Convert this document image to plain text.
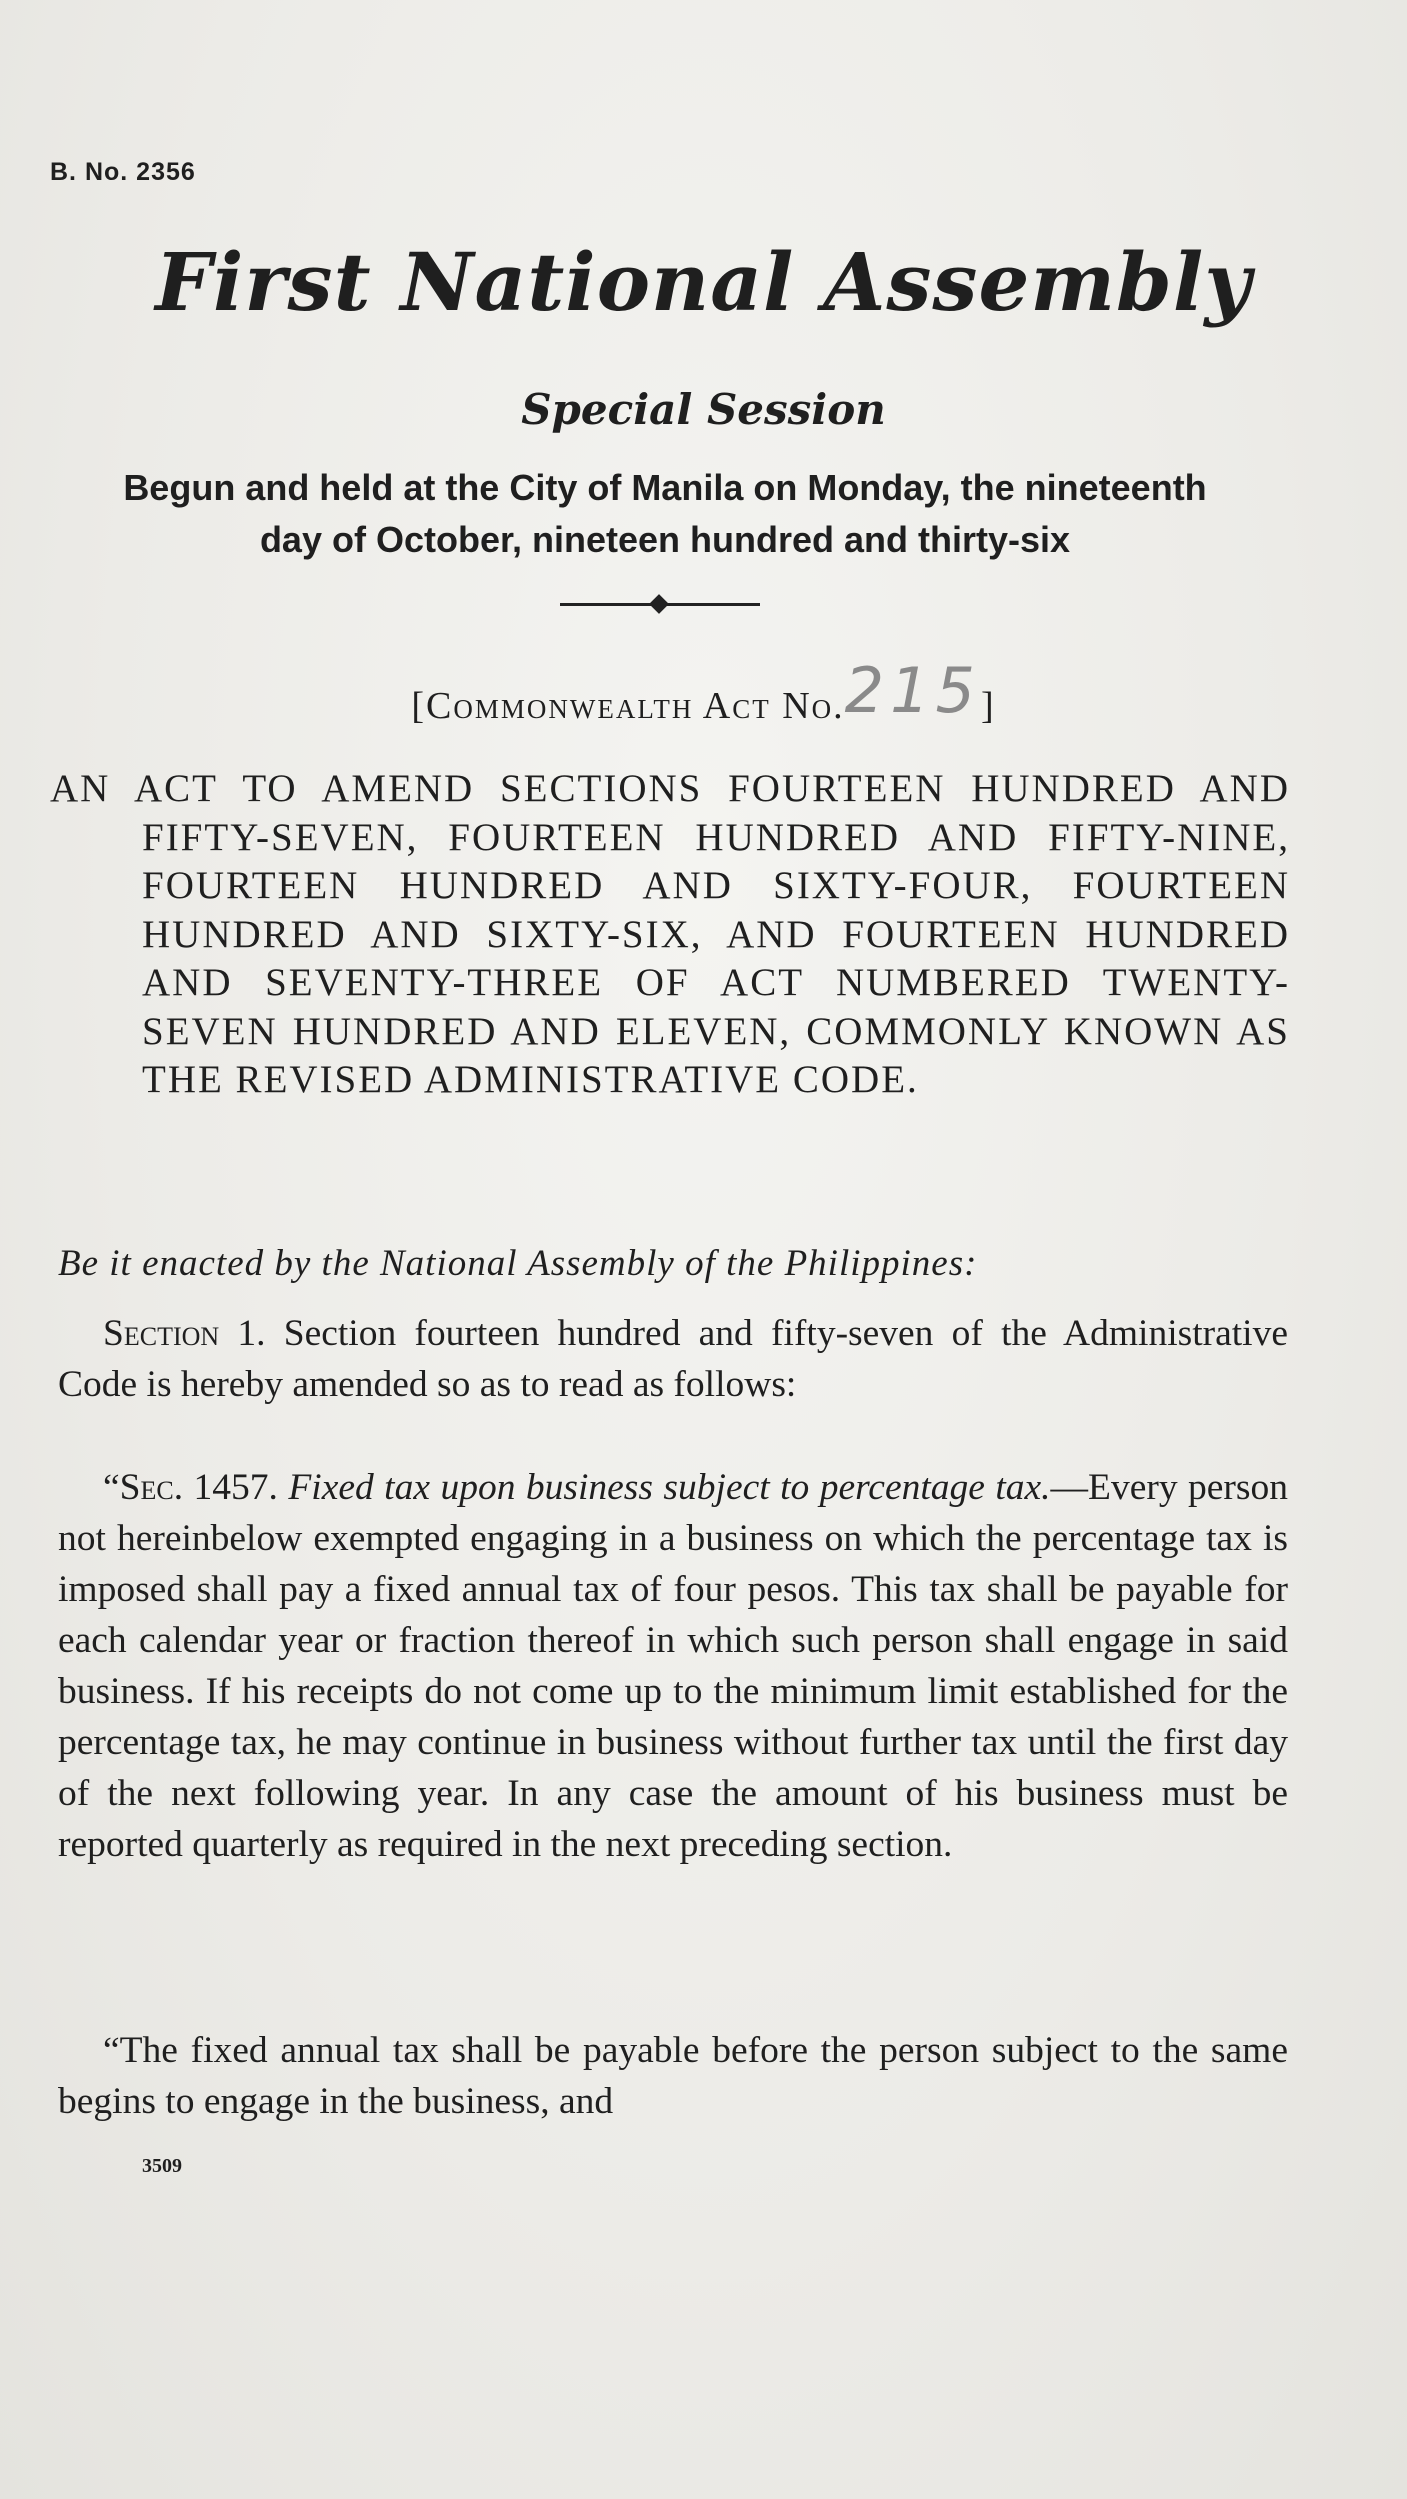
B. No. 2356
First National Assembly
Special Session
Begun and held at the City of Manila on Monday, the nineteenth
day of October, nineteen hundred and thirty-six
[Commonwealth Act No.215]
AN ACT TO AMEND SECTIONS FOURTEEN HUNDRED AND FIFTY-SEVEN, FOURTEEN HUNDRED AND FIFTY-NINE, FOURTEEN HUNDRED AND SIXTY-FOUR, FOURTEEN HUNDRED AND SIXTY-SIX, AND FOURTEEN HUNDRED AND SEVENTY-THREE OF ACT NUMBERED TWENTY-SEVEN HUNDRED AND ELEVEN, COMMONLY KNOWN AS THE REVISED ADMINISTRATIVE CODE.
Be it enacted by the National Assembly of the Philippines:
Section 1. Section fourteen hundred and fifty-seven of the Administrative Code is hereby amended so as to read as follows:
“Sec. 1457. Fixed tax upon business subject to percentage tax.—Every person not hereinbelow exempted engaging in a business on which the percentage tax is imposed shall pay a fixed annual tax of four pesos. This tax shall be payable for each calendar year or fraction thereof in which such person shall engage in said business. If his receipts do not come up to the minimum limit established for the percentage tax, he may continue in business without further tax until the first day of the next following year. In any case the amount of his business must be reported quarterly as required in the next preceding section.
“The fixed annual tax shall be payable before the person subject to the same begins to engage in the business, and
3509
